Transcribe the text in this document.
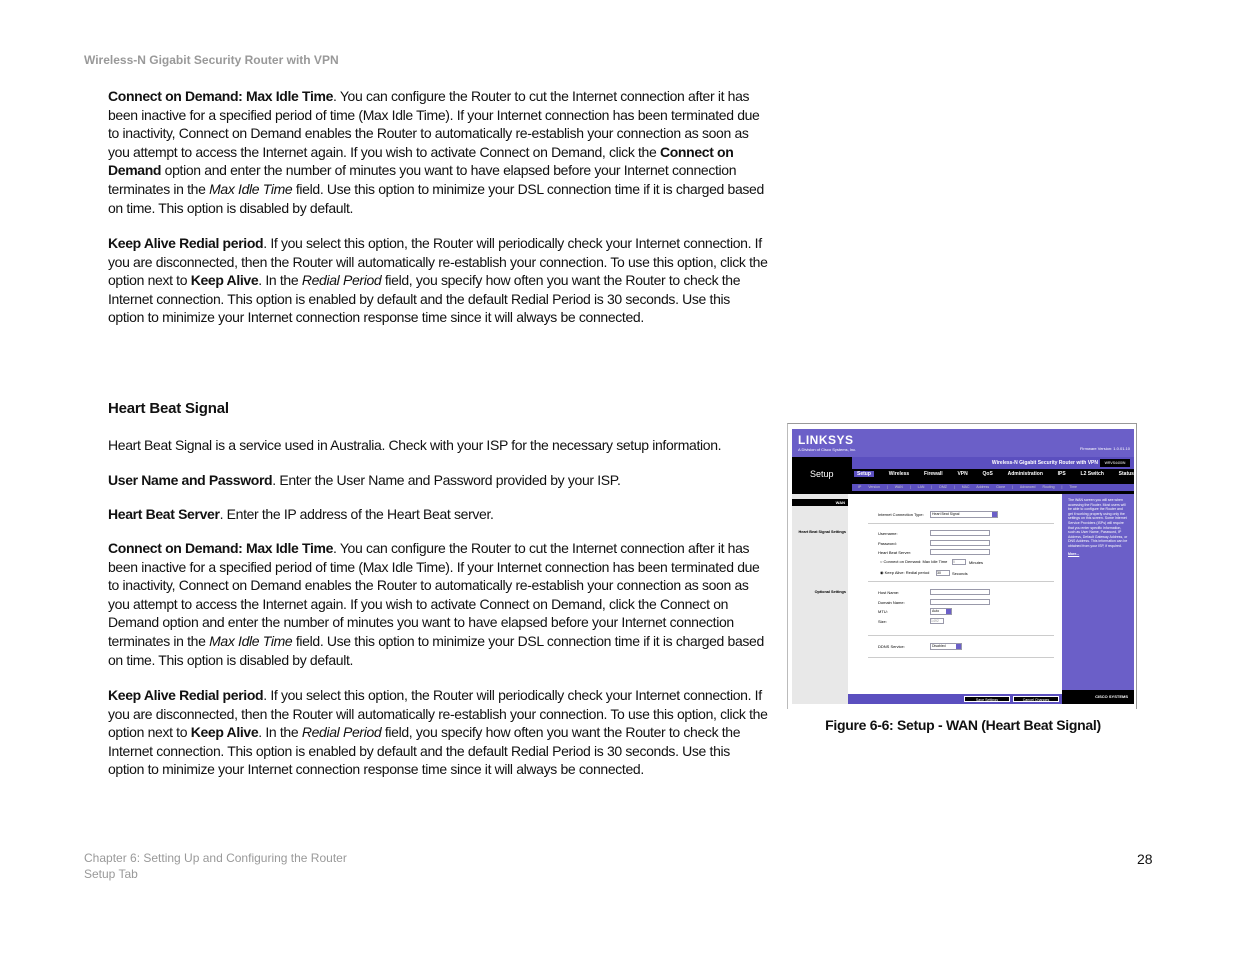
Wireless-N Gigabit Security Router with VPN

Connect on Demand: Max Idle Time. You can configure the Router to cut the Internet connection after it has been inactive for a specified period of time (Max Idle Time). If your Internet connection has been terminated due to inactivity, Connect on Demand enables the Router to automatically re-establish your connection as soon as you attempt to access the Internet again. If you wish to activate Connect on Demand, click the Connect on Demand option and enter the number of minutes you want to have elapsed before your Internet connection terminates in the Max Idle Time field. Use this option to minimize your DSL connection time if it is charged based on time. This option is disabled by default.

Keep Alive Redial period. If you select this option, the Router will periodically check your Internet connection. If you are disconnected, then the Router will automatically re-establish your connection. To use this option, click the option next to Keep Alive. In the Redial Period field, you specify how often you want the Router to check the Internet connection. This option is enabled by default and the default Redial Period is 30 seconds. Use this option to minimize your Internet connection response time since it will always be connected.

Heart Beat Signal

Heart Beat Signal is a service used in Australia. Check with your ISP for the necessary setup information.

User Name and Password. Enter the User Name and Password provided by your ISP.

Heart Beat Server. Enter the IP address of the Heart Beat server.

Connect on Demand: Max Idle Time. You can configure the Router to cut the Internet connection after it has been inactive for a specified period of time (Max Idle Time). If your Internet connection has been terminated due to inactivity, Connect on Demand enables the Router to automatically re-establish your connection as soon as you attempt to access the Internet again. If you wish to activate Connect on Demand, click the Connect on Demand option and enter the number of minutes you want to have elapsed before your Internet connection terminates in the Max Idle Time field. Use this option to minimize your DSL connection time if it is charged based on time. This option is disabled by default.

Keep Alive Redial period. If you select this option, the Router will periodically check your Internet connection. If you are disconnected, then the Router will automatically re-establish your connection. To use this option, click the option next to Keep Alive. In the Redial Period field, you specify how often you want the Router to check the Internet connection. This option is enabled by default and the default Redial Period is 30 seconds. Use this option to minimize your Internet connection response time since it will always be connected.

LINKSYS
A Division of Cisco Systems, Inc.	Firmware Version: 1.0.01.10
Setup
Wireless-N Gigabit Security Router with VPN	WRVS4400N
Setup	Wireless	Firewall	VPN	QoS	Administration	IPS	L2 Switch	Status
IP Version | WAN | LAN | DMZ | MAC Address Clone | Advanced Routing | Time
WAN
Heart Beat Signal Settings
Optional Settings
Internet Connection Type:	Heart Beat Signal
Username:
Password:
Heart Beat Server:
○ Connect on Demand: Max Idle Time 5	Minutes
◉ Keep Alive: Redial period 30	Seconds
Host Name:
Domain Name:
MTU:	Auto
Size:	1492
DDNS Service:	Disabled
The WAN screen you will see when accessing the Router. Most users will be able to configure the Router and get it working properly using only the settings on this screen. Some Internet Service Providers (ISPs) will require that you enter specific information, such as User Name, Password, IP Address, Default Gateway Address, or DNS Address. This information can be obtained from your ISP, if required.
More...
CISCO SYSTEMS
Save Settings	Cancel Changes
Figure 6-6: Setup - WAN (Heart Beat Signal)
Chapter 6: Setting Up and Configuring the Router
Setup Tab
28
